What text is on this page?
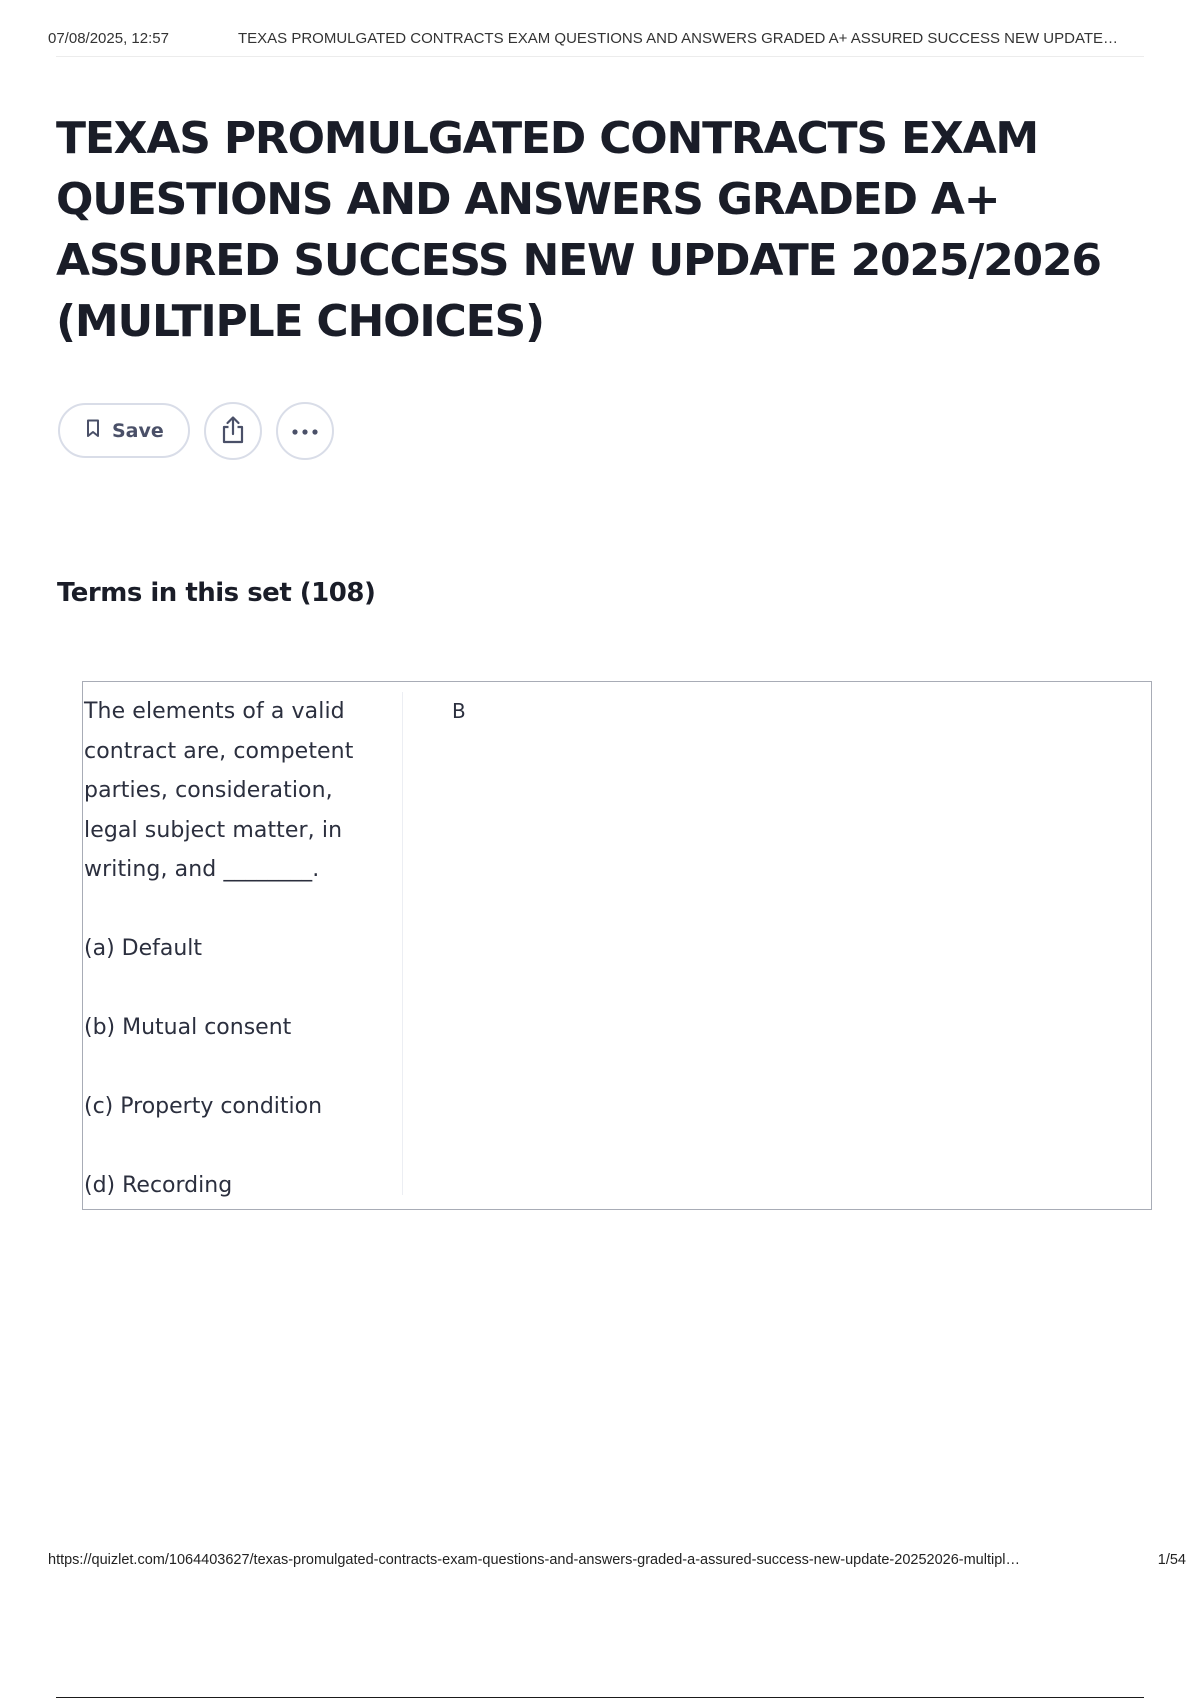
07/08/2025, 12:57	TEXAS PROMULGATED CONTRACTS EXAM QUESTIONS AND ANSWERS GRADED A+ ASSURED SUCCESS NEW UPDATE…
TEXAS PROMULGATED CONTRACTS EXAM
QUESTIONS AND ANSWERS GRADED A+
ASSURED SUCCESS NEW UPDATE 2025/2026
(MULTIPLE CHOICES)
Save
Terms in this set (108)
The elements of a valid
contract are, competent
parties, consideration,
legal subject matter, in
writing, and ________.
(a) Default
(b) Mutual consent
(c) Property condition
(d) Recording
B
https://quizlet.com/1064403627/texas-promulgated-contracts-exam-questions-and-answers-graded-a-assured-success-new-update-20252026-multipl…	1/54
